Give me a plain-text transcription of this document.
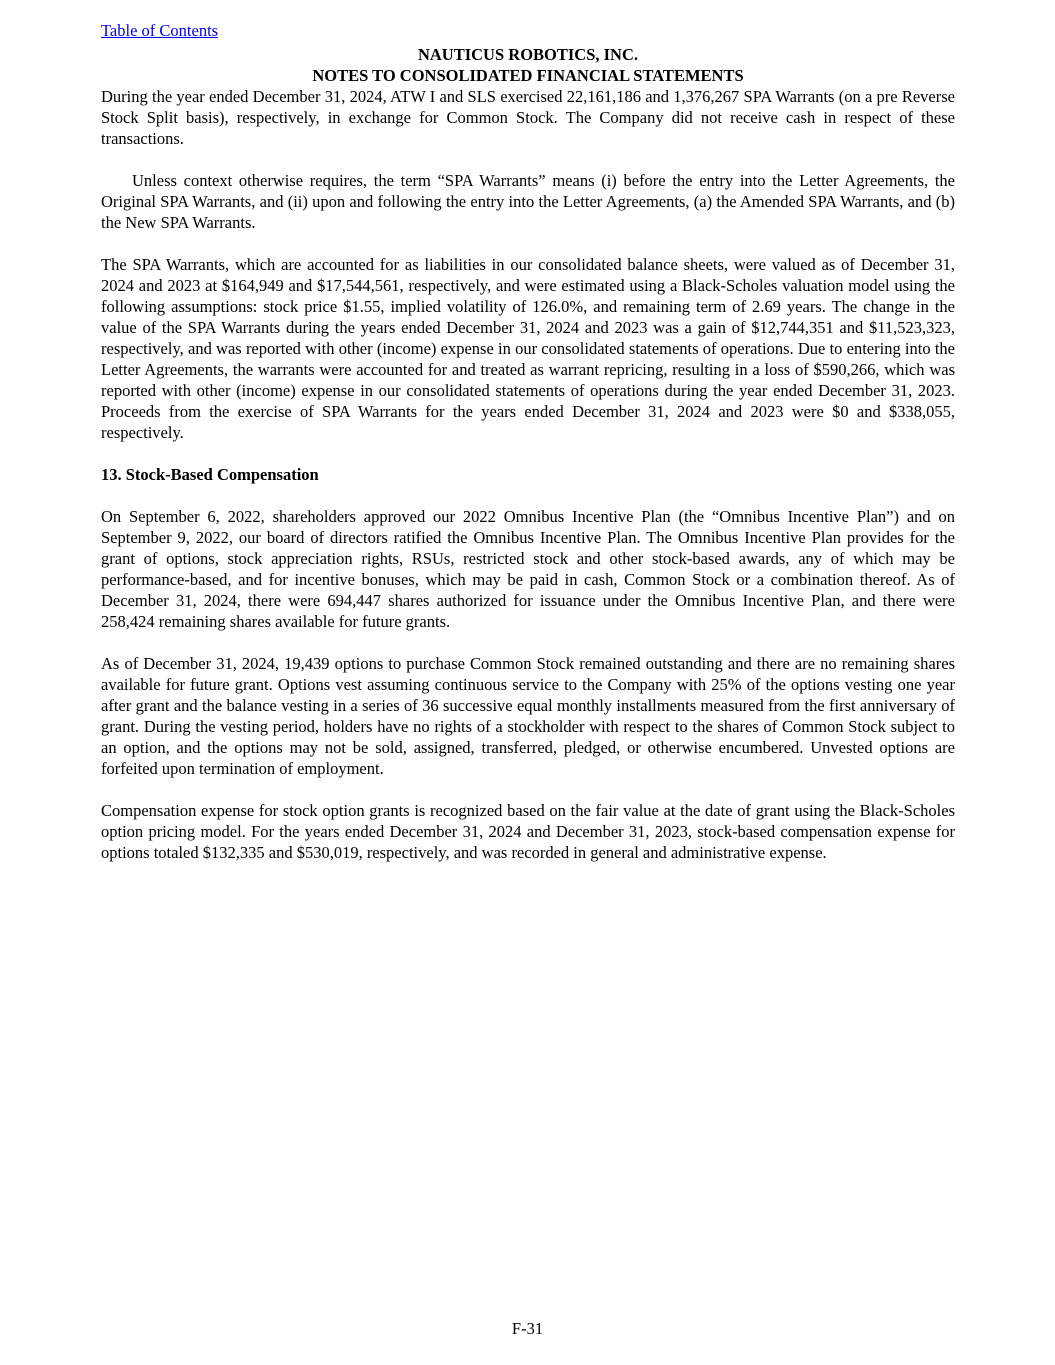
Table of Contents
NAUTICUS ROBOTICS, INC.
NOTES TO CONSOLIDATED FINANCIAL STATEMENTS

During the year ended December 31, 2024, ATW I and SLS exercised 22,161,186 and 1,376,267 SPA Warrants (on a pre Reverse Stock Split basis), respectively, in exchange for Common Stock. The Company did not receive cash in respect of these transactions.

Unless context otherwise requires, the term “SPA Warrants” means (i) before the entry into the Letter Agreements, the Original SPA Warrants, and (ii) upon and following the entry into the Letter Agreements, (a) the Amended SPA Warrants, and (b) the New SPA Warrants.

The SPA Warrants, which are accounted for as liabilities in our consolidated balance sheets, were valued as of December 31, 2024 and 2023 at $164,949 and $17,544,561, respectively, and were estimated using a Black-Scholes valuation model using the following assumptions: stock price $1.55, implied volatility of 126.0%, and remaining term of 2.69 years. The change in the value of the SPA Warrants during the years ended December 31, 2024 and 2023 was a gain of $12,744,351 and $11,523,323, respectively, and was reported with other (income) expense in our consolidated statements of operations. Due to entering into the Letter Agreements, the warrants were accounted for and treated as warrant repricing, resulting in a loss of $590,266, which was reported with other (income) expense in our consolidated statements of operations during the year ended December 31, 2023. Proceeds from the exercise of SPA Warrants for the years ended December 31, 2024 and 2023 were $0 and $338,055, respectively.

13. Stock-Based Compensation

On September 6, 2022, shareholders approved our 2022 Omnibus Incentive Plan (the “Omnibus Incentive Plan”) and on September 9, 2022, our board of directors ratified the Omnibus Incentive Plan. The Omnibus Incentive Plan provides for the grant of options, stock appreciation rights, RSUs, restricted stock and other stock-based awards, any of which may be performance-based, and for incentive bonuses, which may be paid in cash, Common Stock or a combination thereof. As of December 31, 2024, there were 694,447 shares authorized for issuance under the Omnibus Incentive Plan, and there were 258,424 remaining shares available for future grants.

As of December 31, 2024, 19,439 options to purchase Common Stock remained outstanding and there are no remaining shares available for future grant. Options vest assuming continuous service to the Company with 25% of the options vesting one year after grant and the balance vesting in a series of 36 successive equal monthly installments measured from the first anniversary of grant. During the vesting period, holders have no rights of a stockholder with respect to the shares of Common Stock subject to an option, and the options may not be sold, assigned, transferred, pledged, or otherwise encumbered. Unvested options are forfeited upon termination of employment.

Compensation expense for stock option grants is recognized based on the fair value at the date of grant using the Black-Scholes option pricing model. For the years ended December 31, 2024 and December 31, 2023, stock-based compensation expense for options totaled $132,335 and $530,019, respectively, and was recorded in general and administrative expense.

F-31
